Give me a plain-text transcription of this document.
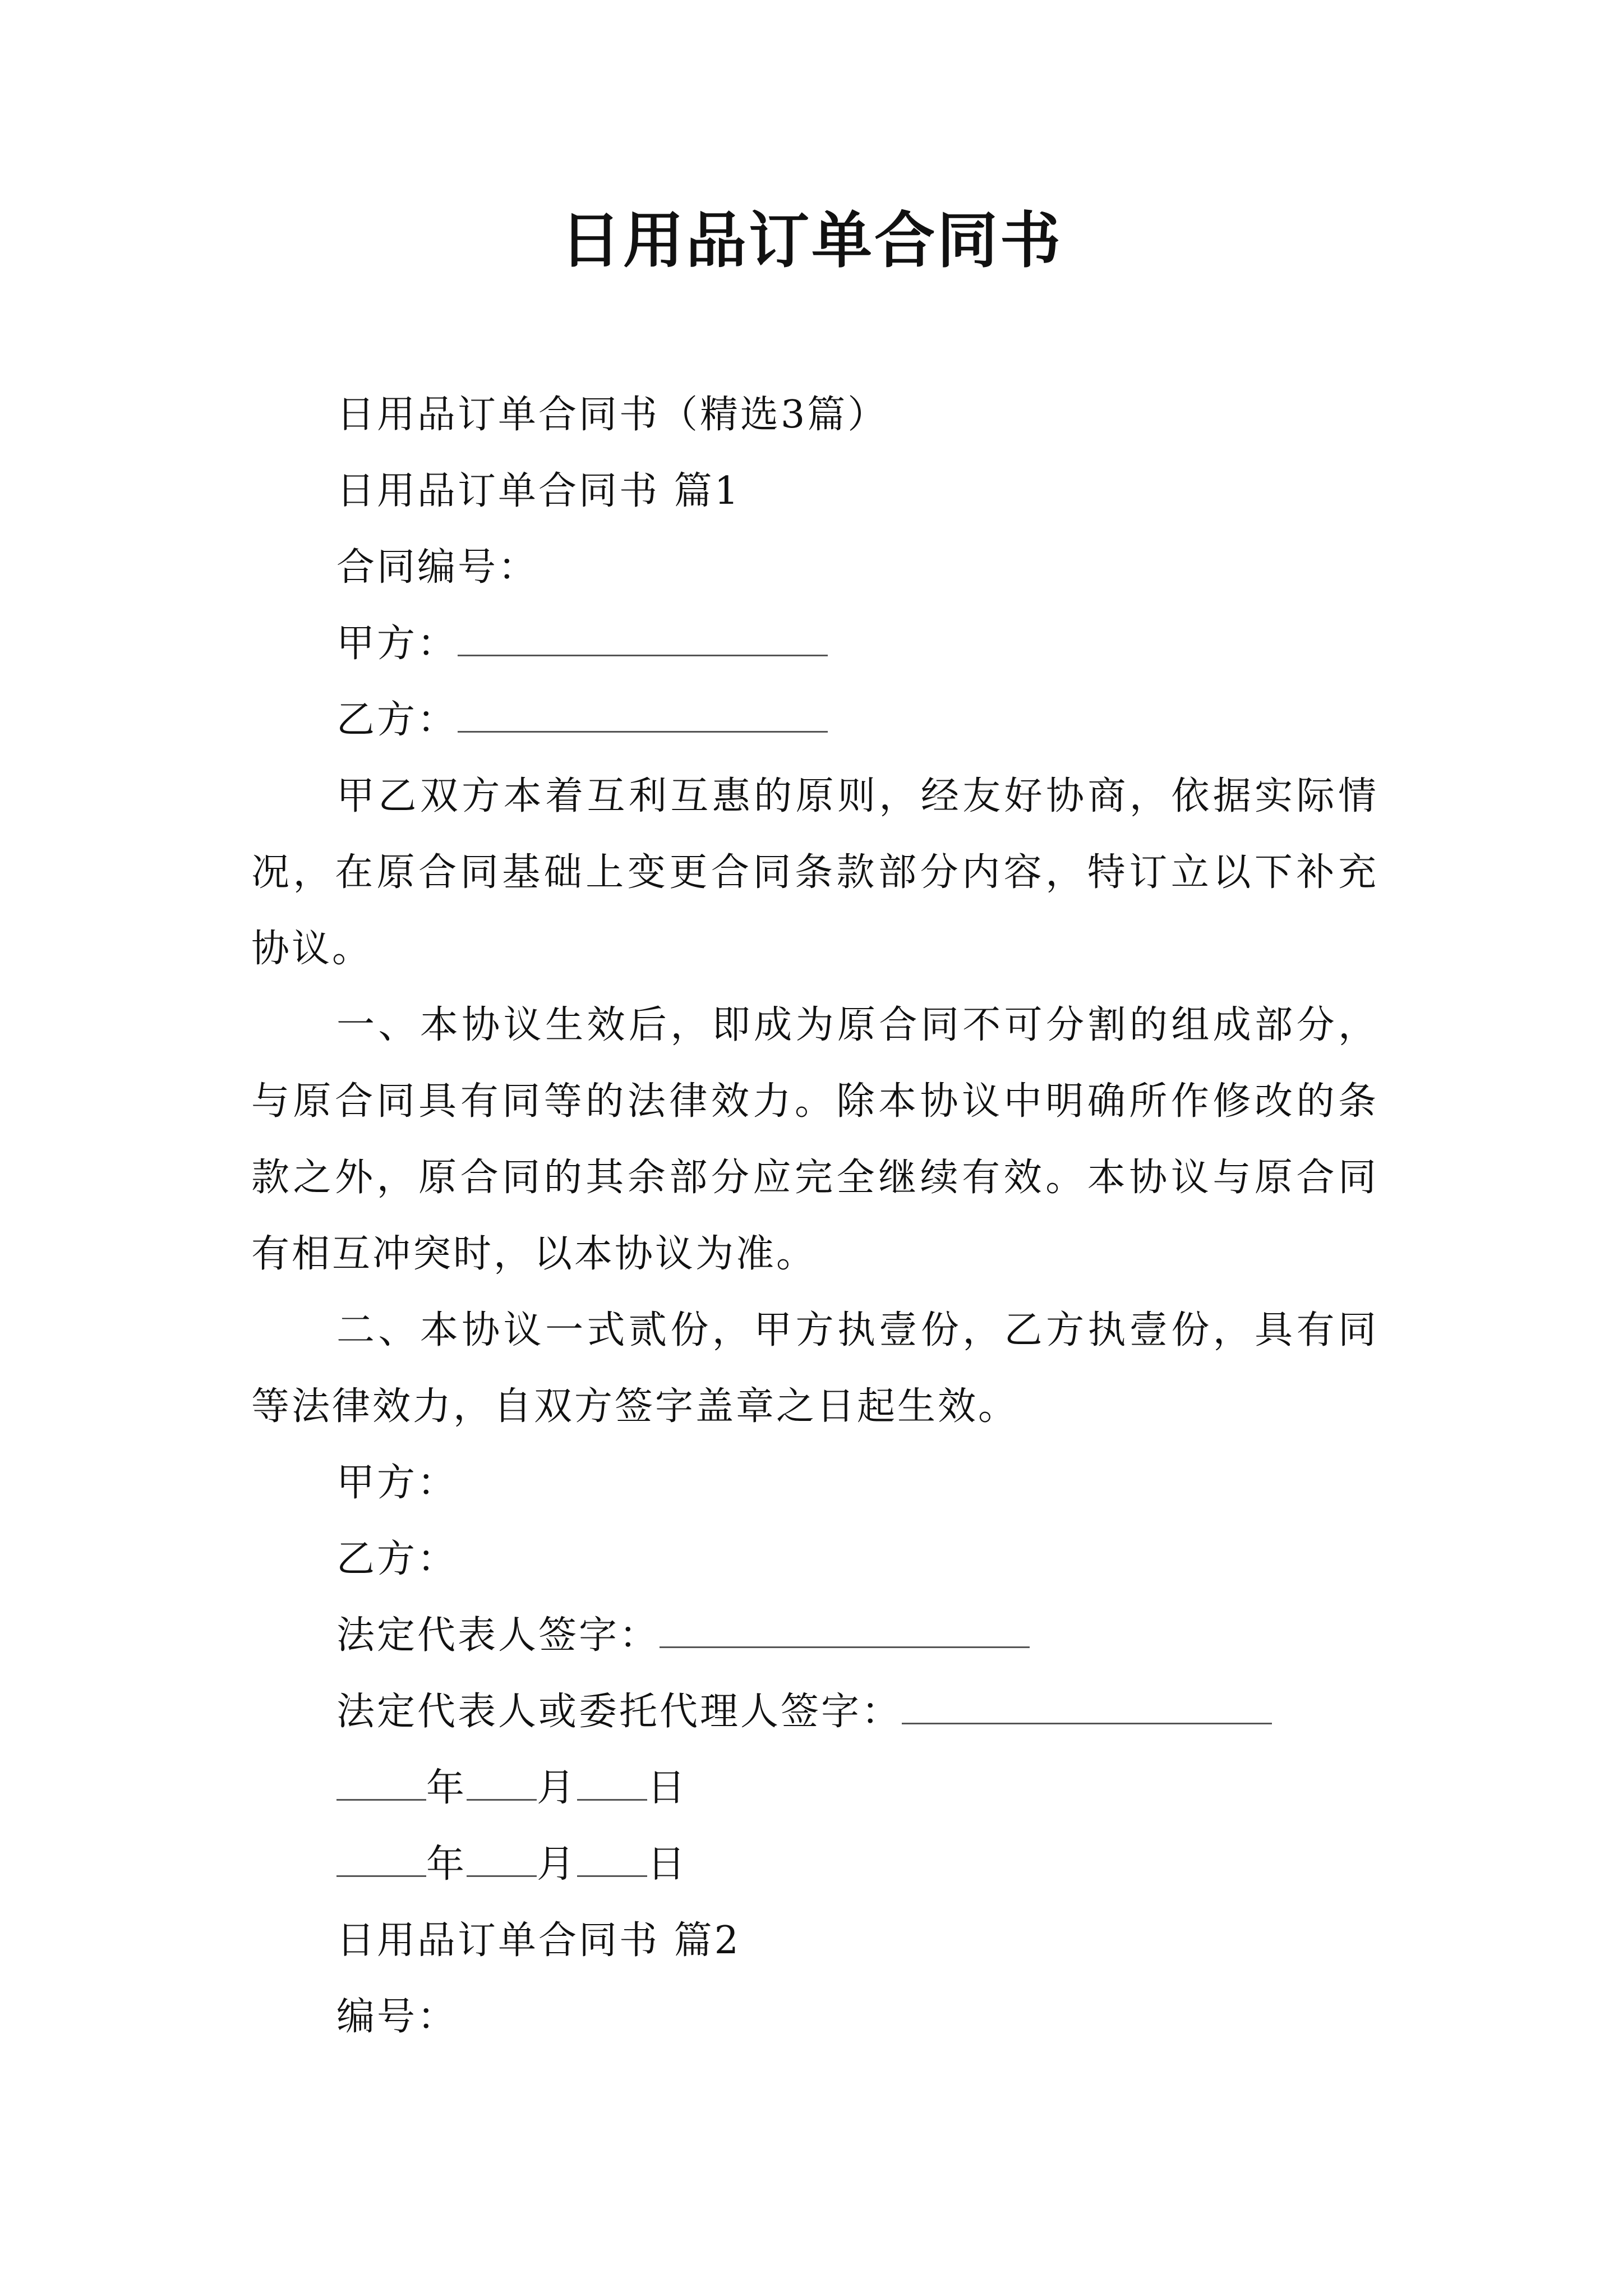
日用品订单合同书

日用品订单合同书（精选3篇）

日用品订单合同书 篇1

合同编号：

甲方：

乙方：

甲乙双方本着互利互惠的原则，经友好协商，依据实际情况，在原合同基础上变更合同条款部分内容，特订立以下补充协议。

一、本协议生效后，即成为原合同不可分割的组成部分，与原合同具有同等的法律效力。除本协议中明确所作修改的条款之外，原合同的其余部分应完全继续有效。本协议与原合同有相互冲突时，以本协议为准。

二、本协议一式贰份，甲方执壹份，乙方执壹份，具有同等法律效力，自双方签字盖章之日起生效。

甲方：

乙方：

法定代表人签字：

法定代表人或委托代理人签字：

年 月 日

年 月 日

日用品订单合同书 篇2

编号：
